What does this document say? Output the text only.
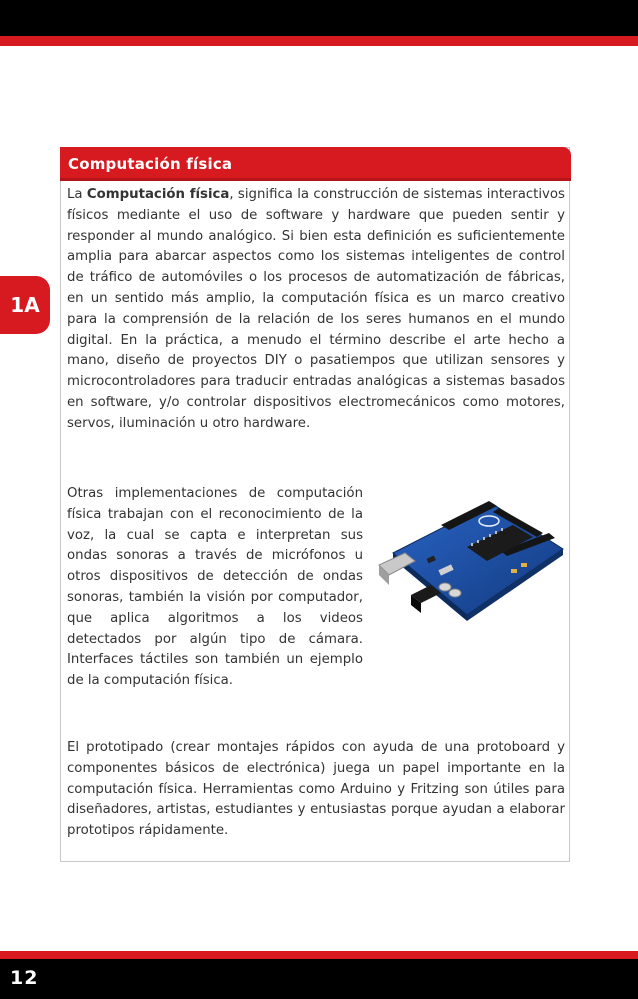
1A
Computación física

La Computación física, significa la construcción de sistemas interactivos físicos mediante el uso de software y hardware que pueden sentir y responder al mundo analógico. Si bien esta definición es suficientemente amplia para abarcar aspectos como los sistemas inteligentes de control de tráfico de automóviles o los procesos de automatización de fábricas, en un sentido más amplio, la computación física es un marco creativo para la comprensión de la relación de los seres humanos en el mundo digital. En la práctica, a menudo el término describe el arte hecho a mano, diseño de proyectos DIY o pasatiempos que utilizan sensores y microcontroladores para traducir entradas analógicas a sistemas basados en software, y/o controlar dispositivos electromecánicos como motores, servos, iluminación u otro hardware.

Otras implementaciones de computación física trabajan con el reconocimiento de la voz, la cual se capta e interpretan sus ondas sonoras a través de micrófonos u otros dispositivos de detección de ondas sonoras, también la visión por computador, que aplica algoritmos a los videos detectados por algún tipo de cámara. Interfaces táctiles son también un ejemplo de la computación física.

El prototipado (crear montajes rápidos con ayuda de una protoboard y componentes básicos de electrónica) juega un papel importante en la computación física. Herramientas como Arduino y Fritzing son útiles para diseñadores, artistas, estudiantes y entusiastas porque ayudan a elaborar prototipos rápidamente.

12
